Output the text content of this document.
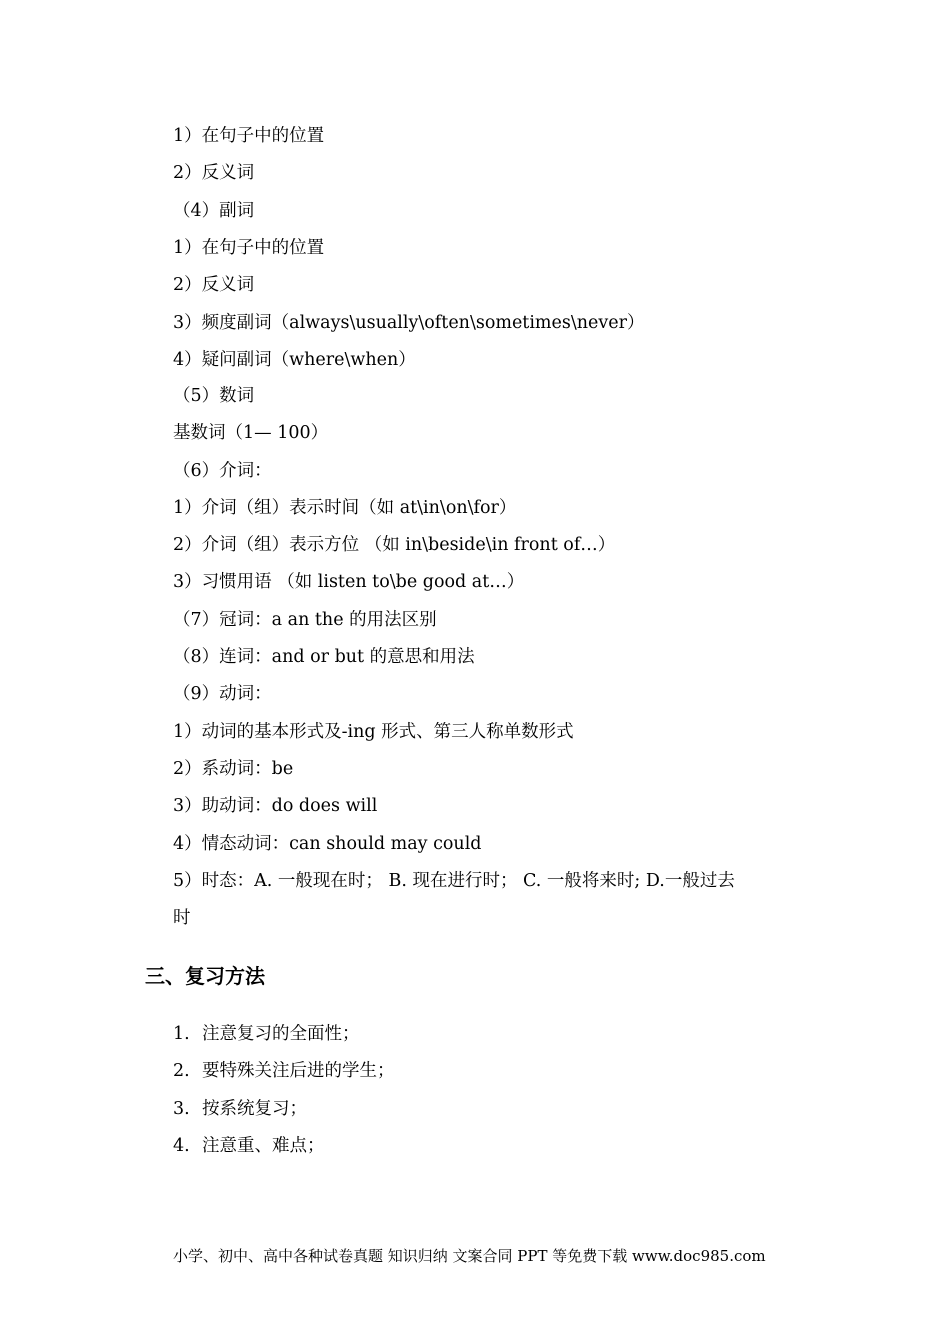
1）在句子中的位置
2）反义词
（4）副词
1）在句子中的位置
2）反义词
3）频度副词（always\usually\often\sometimes\never）
4）疑问副词（where\when）
（5）数词
基数词（1— 100）
（6）介词：
1）介词（组）表示时间（如 at\in\on\for）
2）介词（组）表示方位 （如 in\beside\in front of…）
3）习惯用语 （如 listen to\be good at…）
（7）冠词：a an the 的用法区别
（8）连词：and or but 的意思和用法
（9）动词：
1）动词的基本形式及-ing 形式、第三人称单数形式
2）系动词：be
3）助动词：do does will
4）情态动词：can should may could
5）时态：A. 一般现在时； B. 现在进行时； C. 一般将来时; D.一般过去
时
三、复习方法
1. 注意复习的全面性；
2. 要特殊关注后进的学生；
3. 按系统复习；
4. 注意重、难点；
小学、初中、高中各种试卷真题 知识归纳 文案合同 PPT 等免费下载 www.doc985.com
